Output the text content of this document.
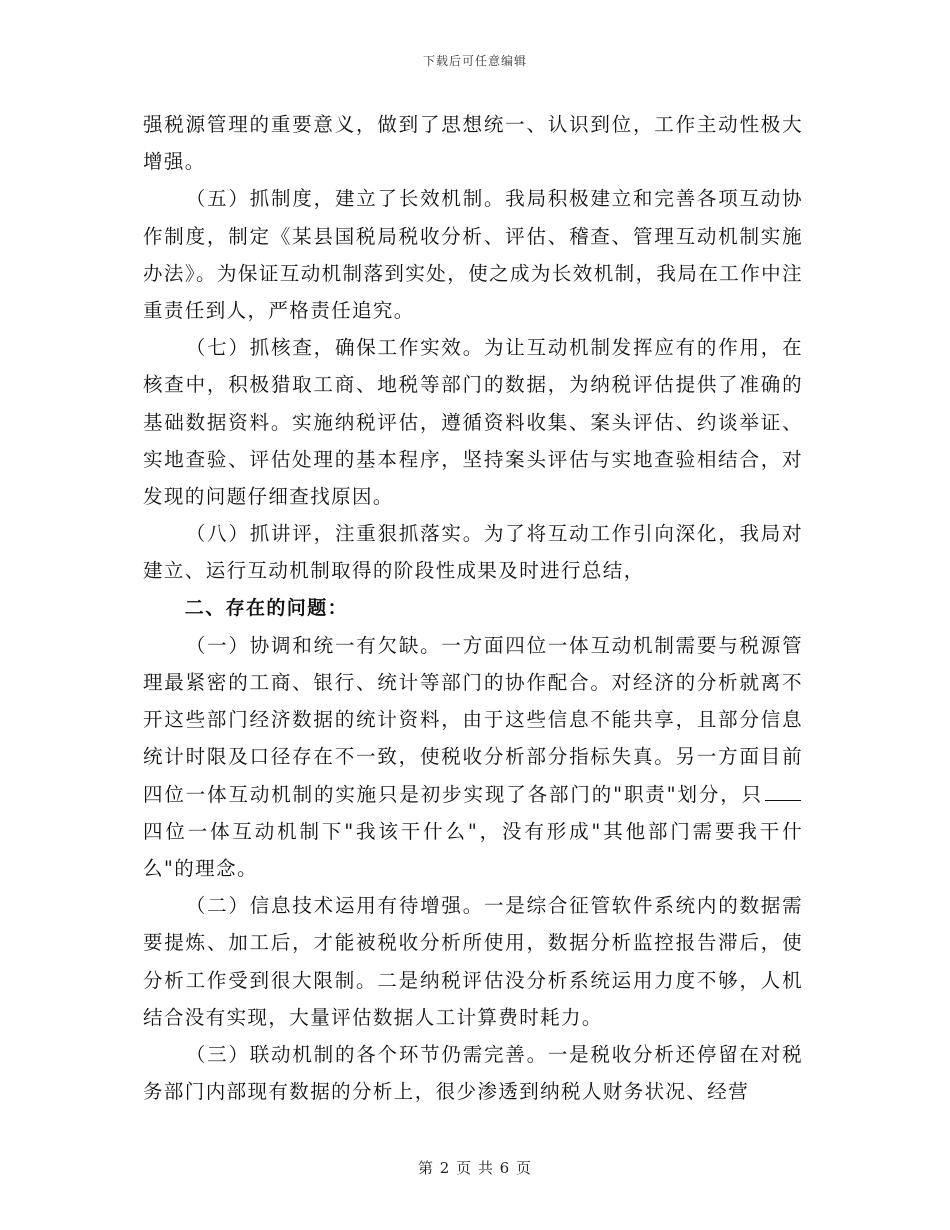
下载后可任意编辑

强税源管理的重要意义，做到了思想统一、认识到位，工作主动性极大增强。

（五）抓制度，建立了长效机制。我局积极建立和完善各项互动协作制度，制定《某县国税局税收分析、评估、稽查、管理互动机制实施办法》。为保证互动机制落到实处，使之成为长效机制，我局在工作中注重责任到人，严格责任追究。

（七）抓核查，确保工作实效。为让互动机制发挥应有的作用，在核查中，积极猎取工商、地税等部门的数据，为纳税评估提供了准确的基础数据资料。实施纳税评估，遵循资料收集、案头评估、约谈举证、实地查验、评估处理的基本程序，坚持案头评估与实地查验相结合，对发现的问题仔细查找原因。

（八）抓讲评，注重狠抓落实。为了将互动工作引向深化，我局对建立、运行互动机制取得的阶段性成果及时进行总结，

二、存在的问题：

（一）协调和统一有欠缺。一方面四位一体互动机制需要与税源管理最紧密的工商、银行、统计等部门的协作配合。对经济的分析就离不开这些部门经济数据的统计资料，由于这些信息不能共享，且部分信息统计时限及口径存在不一致，使税收分析部分指标失真。另一方面目前四位一体互动机制的实施只是初步实现了各部门的"职责"划分，只四位一体互动机制下"我该干什么"，没有形成"其他部门需要我干什么"的理念。

（二）信息技术运用有待增强。一是综合征管软件系统内的数据需要提炼、加工后，才能被税收分析所使用，数据分析监控报告滞后，使分析工作受到很大限制。二是纳税评估没分析系统运用力度不够，人机结合没有实现，大量评估数据人工计算费时耗力。

（三）联动机制的各个环节仍需完善。一是税收分析还停留在对税务部门内部现有数据的分析上，很少渗透到纳税人财务状况、经营

第 2 页 共 6 页
